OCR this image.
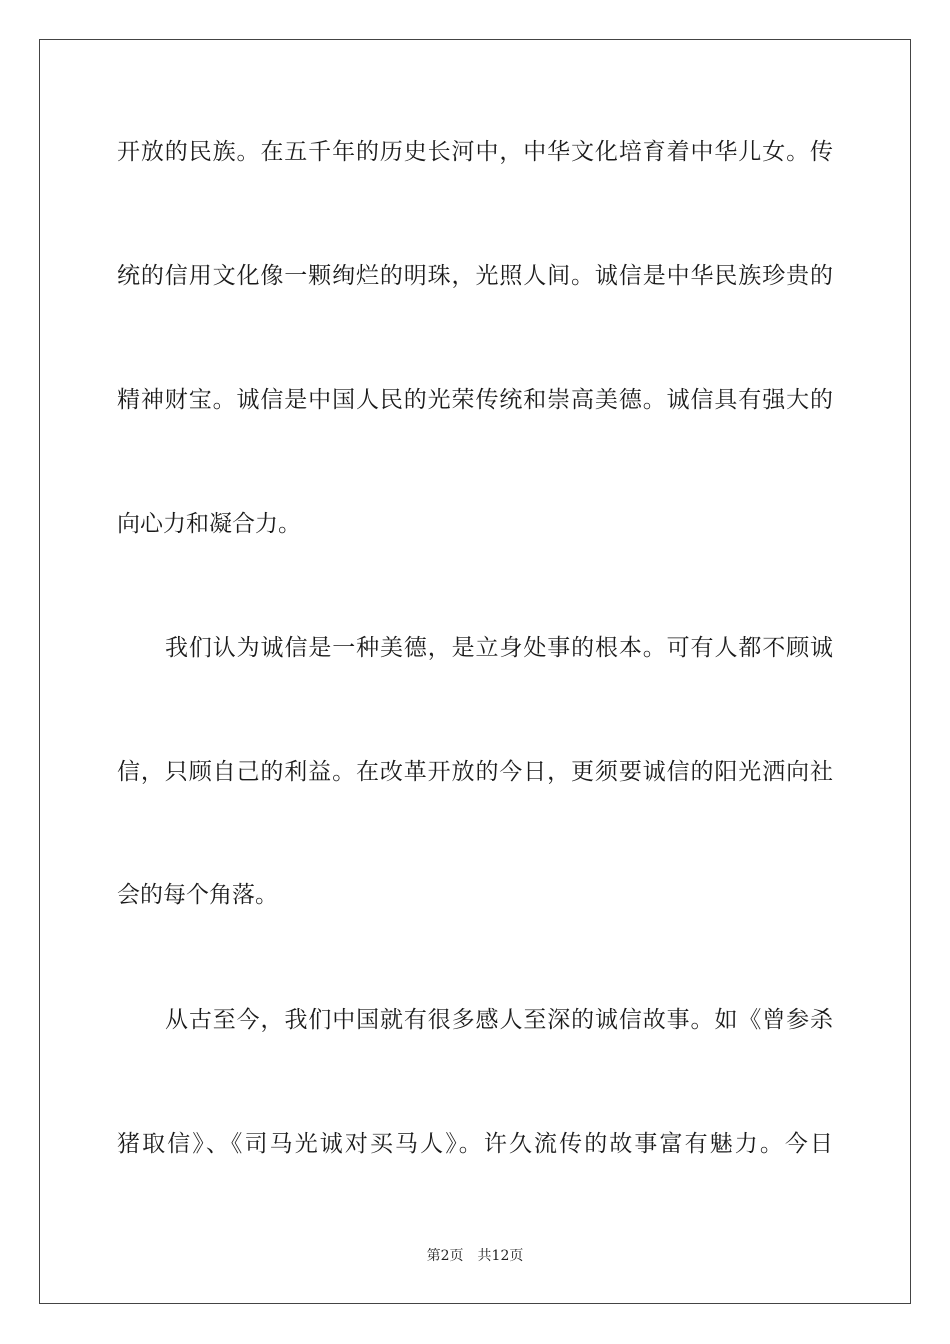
开放的民族。在五千年的历史长河中，中华文化培育着中华儿女。传
统的信用文化像一颗绚烂的明珠，光照人间。诚信是中华民族珍贵的
精神财宝。诚信是中国人民的光荣传统和崇高美德。诚信具有强大的
向心力和凝合力。
我们认为诚信是一种美德，是立身处事的根本。可有人都不顾诚
信，只顾自己的利益。在改革开放的今日，更须要诚信的阳光洒向社
会的每个角落。
从古至今，我们中国就有很多感人至深的诚信故事。如《曾参杀
猪取信》、《司马光诚对买马人》。许久流传的故事富有魅力。今日
第2页 共12页
